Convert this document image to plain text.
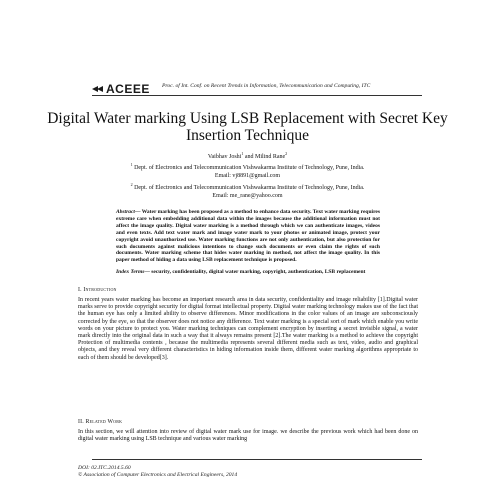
ACEEE Proc. of Int. Conf. on Recent Trends in Information, Telecommunication and Computing, ITC
Digital Water marking Using LSB Replacement with Secret Key Insertion Technique
Vaibhav Joshi$^1$ and Milind Rane$^2$
$^1$ Dept. of Electronics and Telecommunication Vishwakarma Institute of Technology, Pune, India.
Email: vj8891@gmail.com
$^2$ Dept. of Electronics and Telecommunication Vishwakarma Institute of Technology, Pune, India.
Email: me_rane@yahoo.com
Abstract— Water marking has been proposed as a method to enhance data security. Text water marking requires extreme care when embedding additional data within the images because the additional information must not affect the image quality. Digital water marking is a method through which we can authenticate images, videos and even texts. Add text water mark and image water mark to your photos or animated image, protect your copyright avoid unauthorized use. Water marking functions are not only authentication, but also protection for such documents against malicious intentions to change such documents or even claim the rights of such documents. Water marking scheme that hides water marking in method, not affect the image quality. In this paper method of hiding a data using LSB replacement technique is proposed.
Index Terms— security, confidentiality, digital water marking, copyright, authentication, LSB replacement
I. Introduction
In recent years water marking has become an important research area in data security, confidentiality and image reliability [1].Digital water marks serve to provide copyright security for digital format intellectual property. Digital water marking technology makes use of the fact that the human eye has only a limited ability to observe differences. Minor modifications in the color values of an image are subconsciously corrected by the eye, so that the observer does not notice any difference. Text water marking is a special sort of mark which enable you write words on your picture to protect you. Water marking techniques can complement encryption by inserting a secret invisible signal, a water mark directly into the original data in such a way that it always remains present [2].The water marking is a method to achieve the copyright Protection of multimedia contents , because the multimedia represents several different media such as text, video, audio and graphical objects, and they reveal very different characteristics in hiding information inside them, different water marking algorithms appropriate to each of them should be developed[3].
II. Related Work
In this section, we will attention into review of digital water mark use for image. we describe the previous work which had been done on digital water marking using LSB technique and various water marking
DOI: 02.ITC.2014.5.60
© Association of Computer Electronics and Electrical Engineers, 2014
